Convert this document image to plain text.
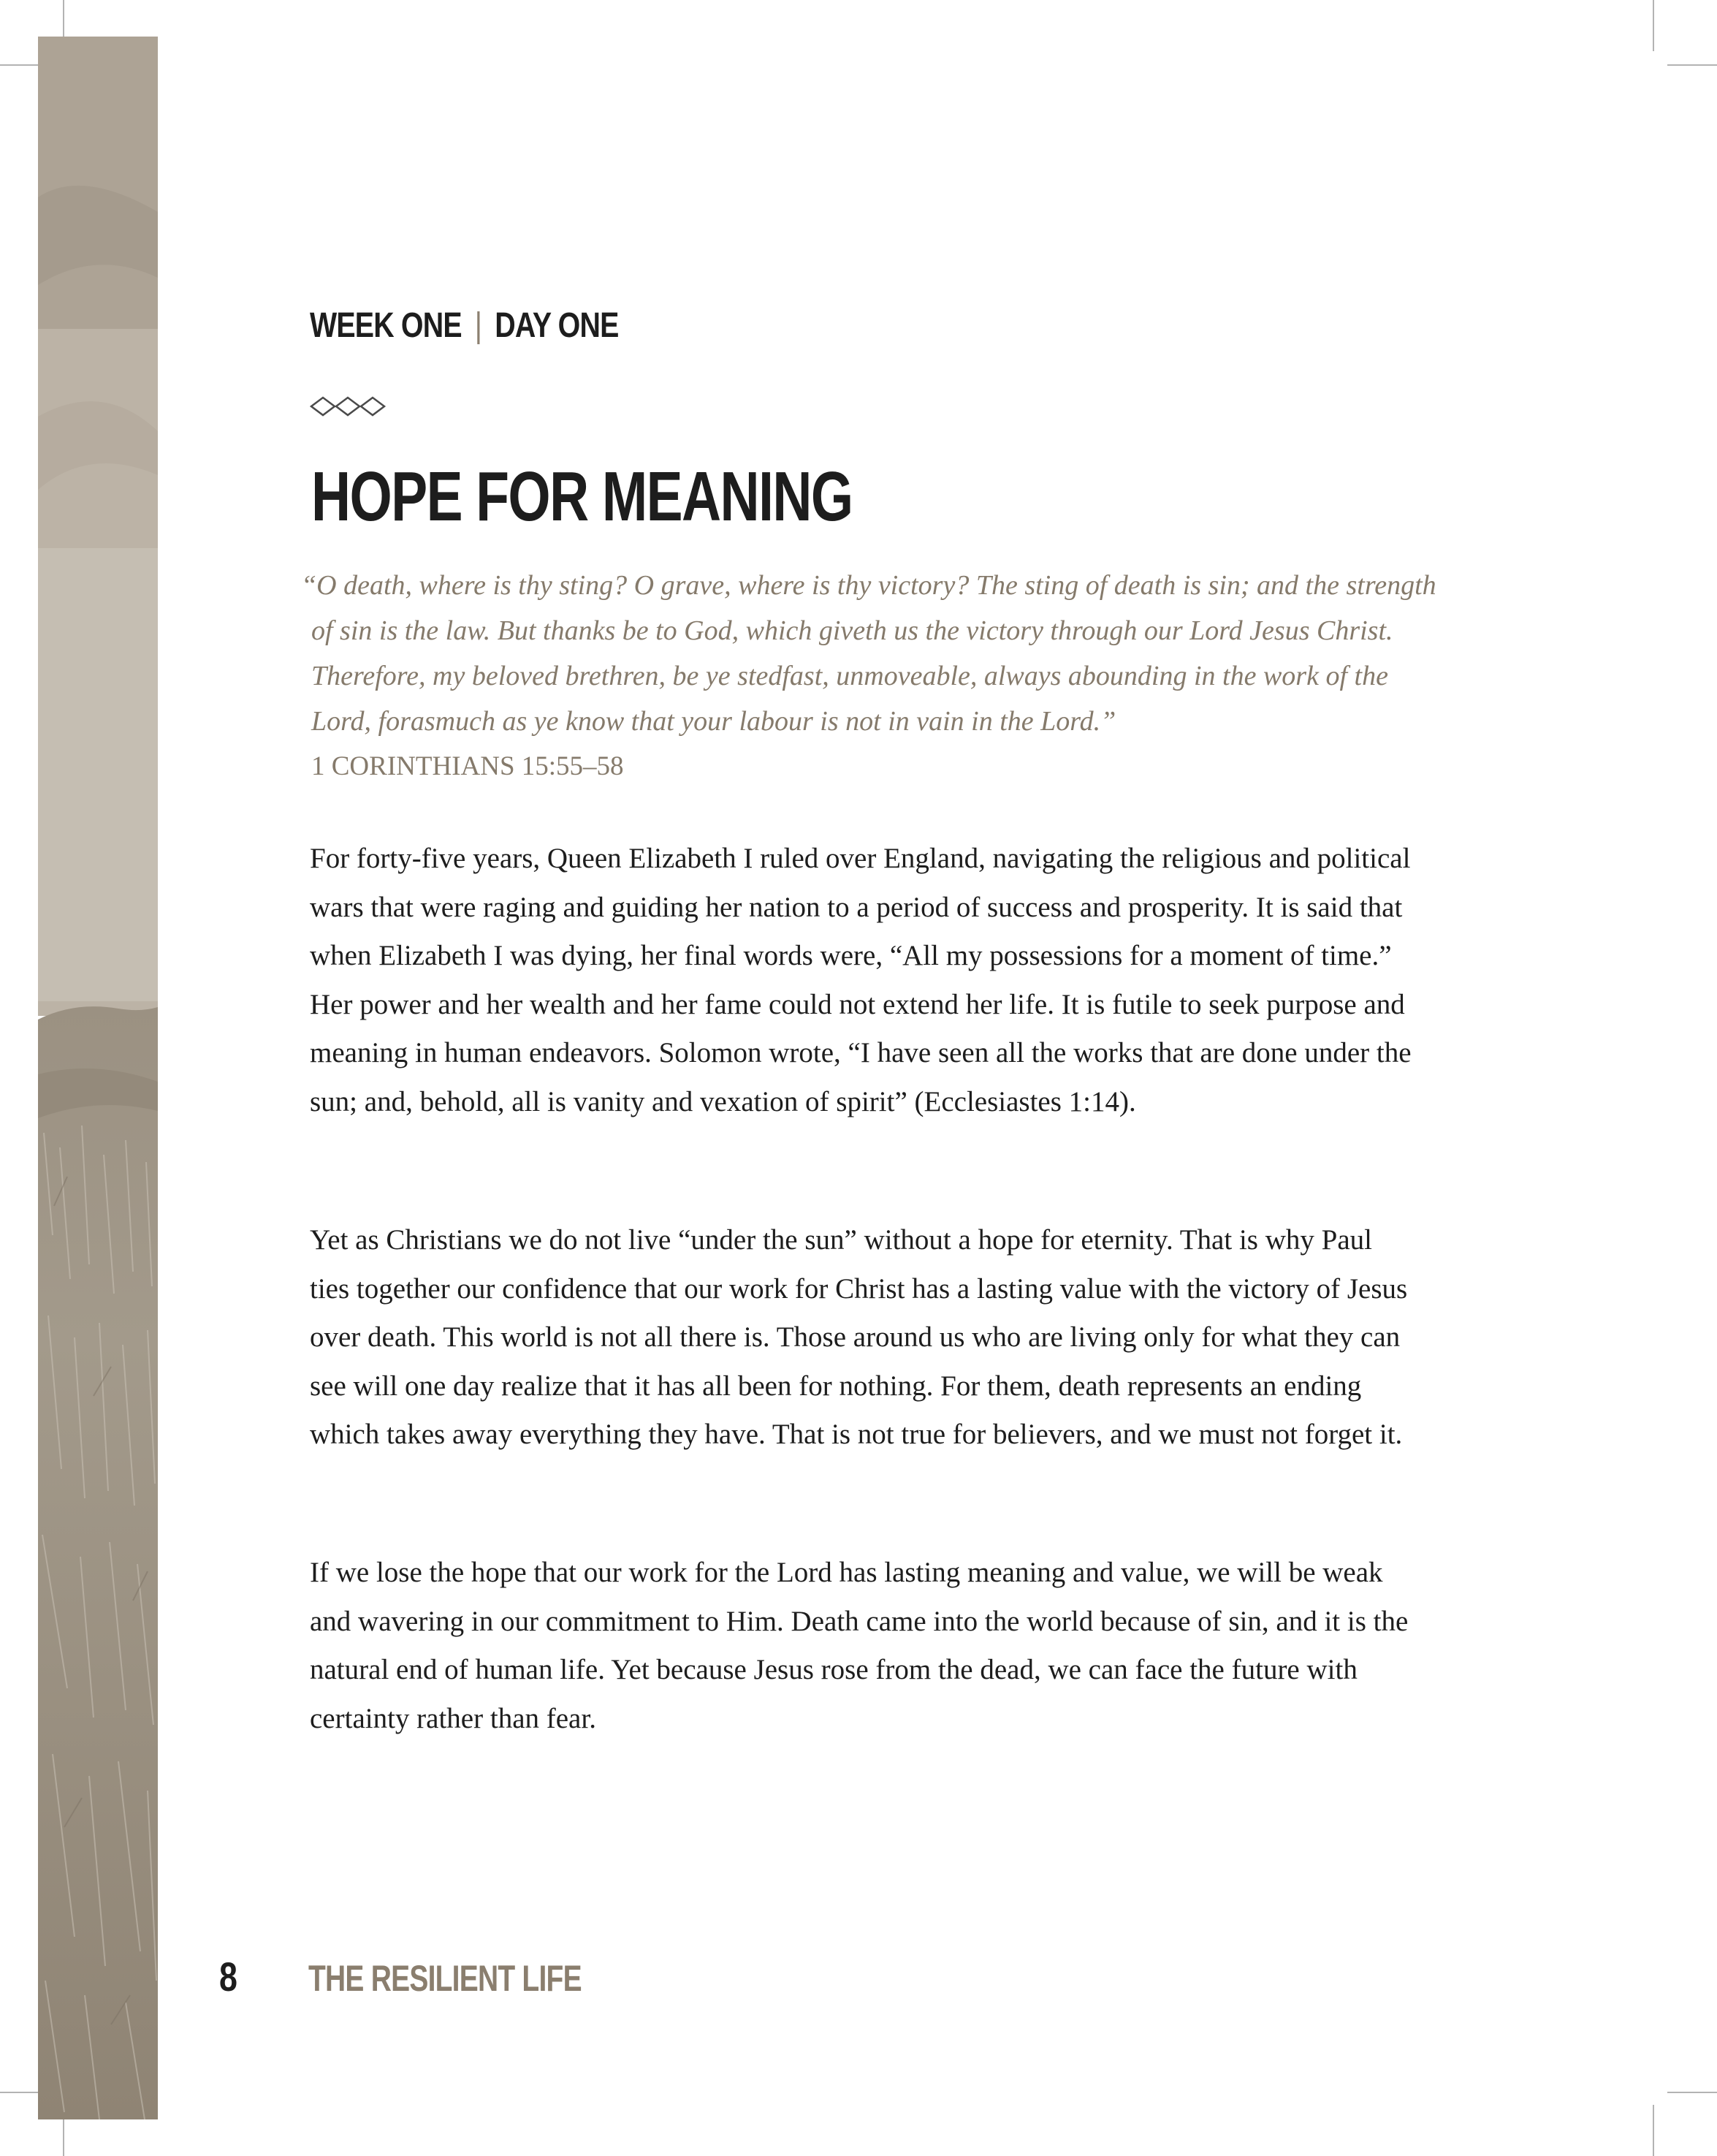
WEEK ONE | DAY ONE
HOPE FOR MEANING
“O death, where is thy sting? O grave, where is thy victory? The sting of death is sin; and the strength of sin is the law. But thanks be to God, which giveth us the victory through our Lord Jesus Christ. Therefore, my beloved brethren, be ye stedfast, unmoveable, always abounding in the work of the Lord, forasmuch as ye know that your labour is not in vain in the Lord.”
1 CORINTHIANS 15:55–58

For forty-five years, Queen Elizabeth I ruled over England, navigating the religious and political wars that were raging and guiding her nation to a period of success and prosperity. It is said that when Elizabeth I was dying, her final words were, “All my possessions for a moment of time.” Her power and her wealth and her fame could not extend her life. It is futile to seek purpose and meaning in human endeavors. Solomon wrote, “I have seen all the works that are done under the sun; and, behold, all is vanity and vexation of spirit” (Ecclesiastes 1:14).

Yet as Christians we do not live “under the sun” without a hope for eternity. That is why Paul ties together our confidence that our work for Christ has a lasting value with the victory of Jesus over death. This world is not all there is. Those around us who are living only for what they can see will one day realize that it has all been for nothing. For them, death represents an ending which takes away everything they have. That is not true for believers, and we must not forget it.

If we lose the hope that our work for the Lord has lasting meaning and value, we will be weak and wavering in our commitment to Him. Death came into the world because of sin, and it is the natural end of human life. Yet because Jesus rose from the dead, we can face the future with certainty rather than fear.

8 THE RESILIENT LIFE
